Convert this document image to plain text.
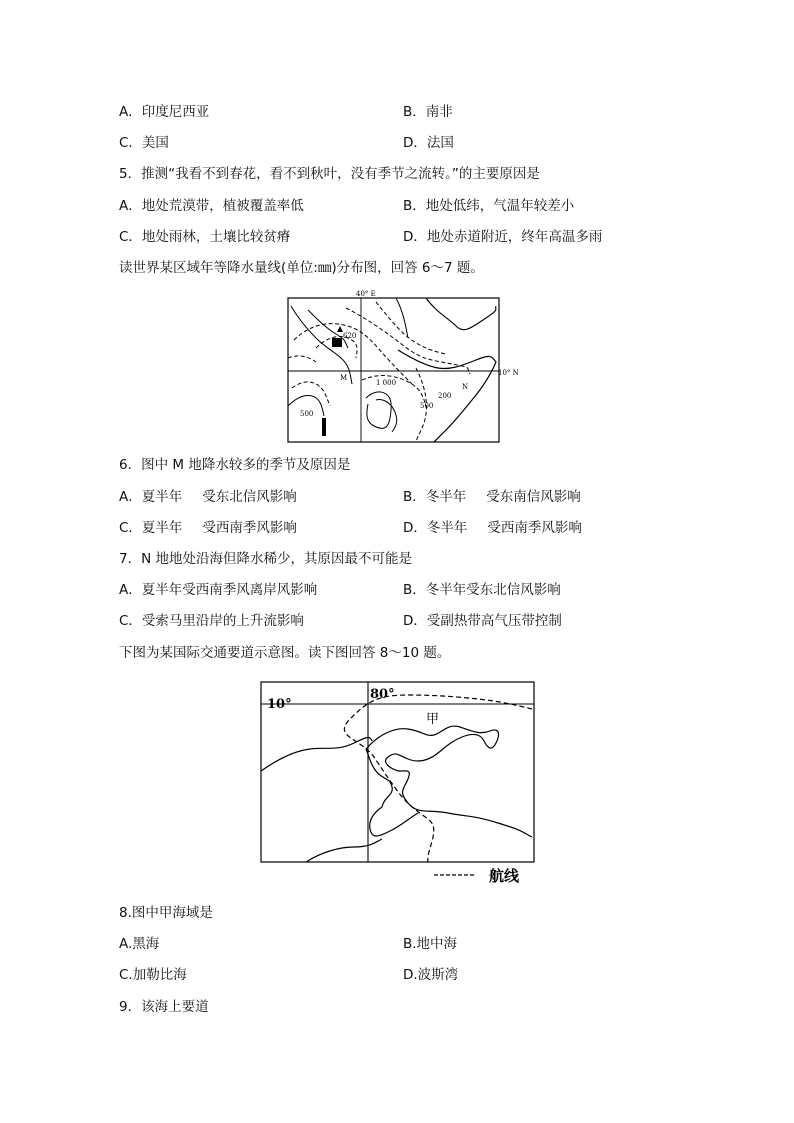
A．印度尼西亚	B．南非
C．美国	D．法国
5．推测“我看不到春花，看不到秋叶，没有季节之流转。”的主要原因是
A．地处荒漠带，植被覆盖率低	B．地处低纬，气温年较差小
C．地处雨林，土壤比较贫瘠	D．地处赤道附近，终年高温多雨
读世界某区域年等降水量线(单位:㎜)分布图，回答 6～7 题。
40° E
10° N
620
M
1 000	N
500
200
500
6．图中 M 地降水较多的季节及原因是
A．夏半年 受东北信风影响	B．冬半年 受东南信风影响
C．夏半年 受西南季风影响	D．冬半年 受西南季风影响
7．N 地地处沿海但降水稀少，其原因最不可能是
A．夏半年受西南季风离岸风影响	B．冬半年受东北信风影响
C．受索马里沿岸的上升流影响	D．受副热带高气压带控制
下图为某国际交通要道示意图。读下图回答 8～10 题。
10°
80°
甲
航线
8.图中甲海域是
A.黑海	B.地中海
C.加勒比海	D.波斯湾
9．该海上要道
